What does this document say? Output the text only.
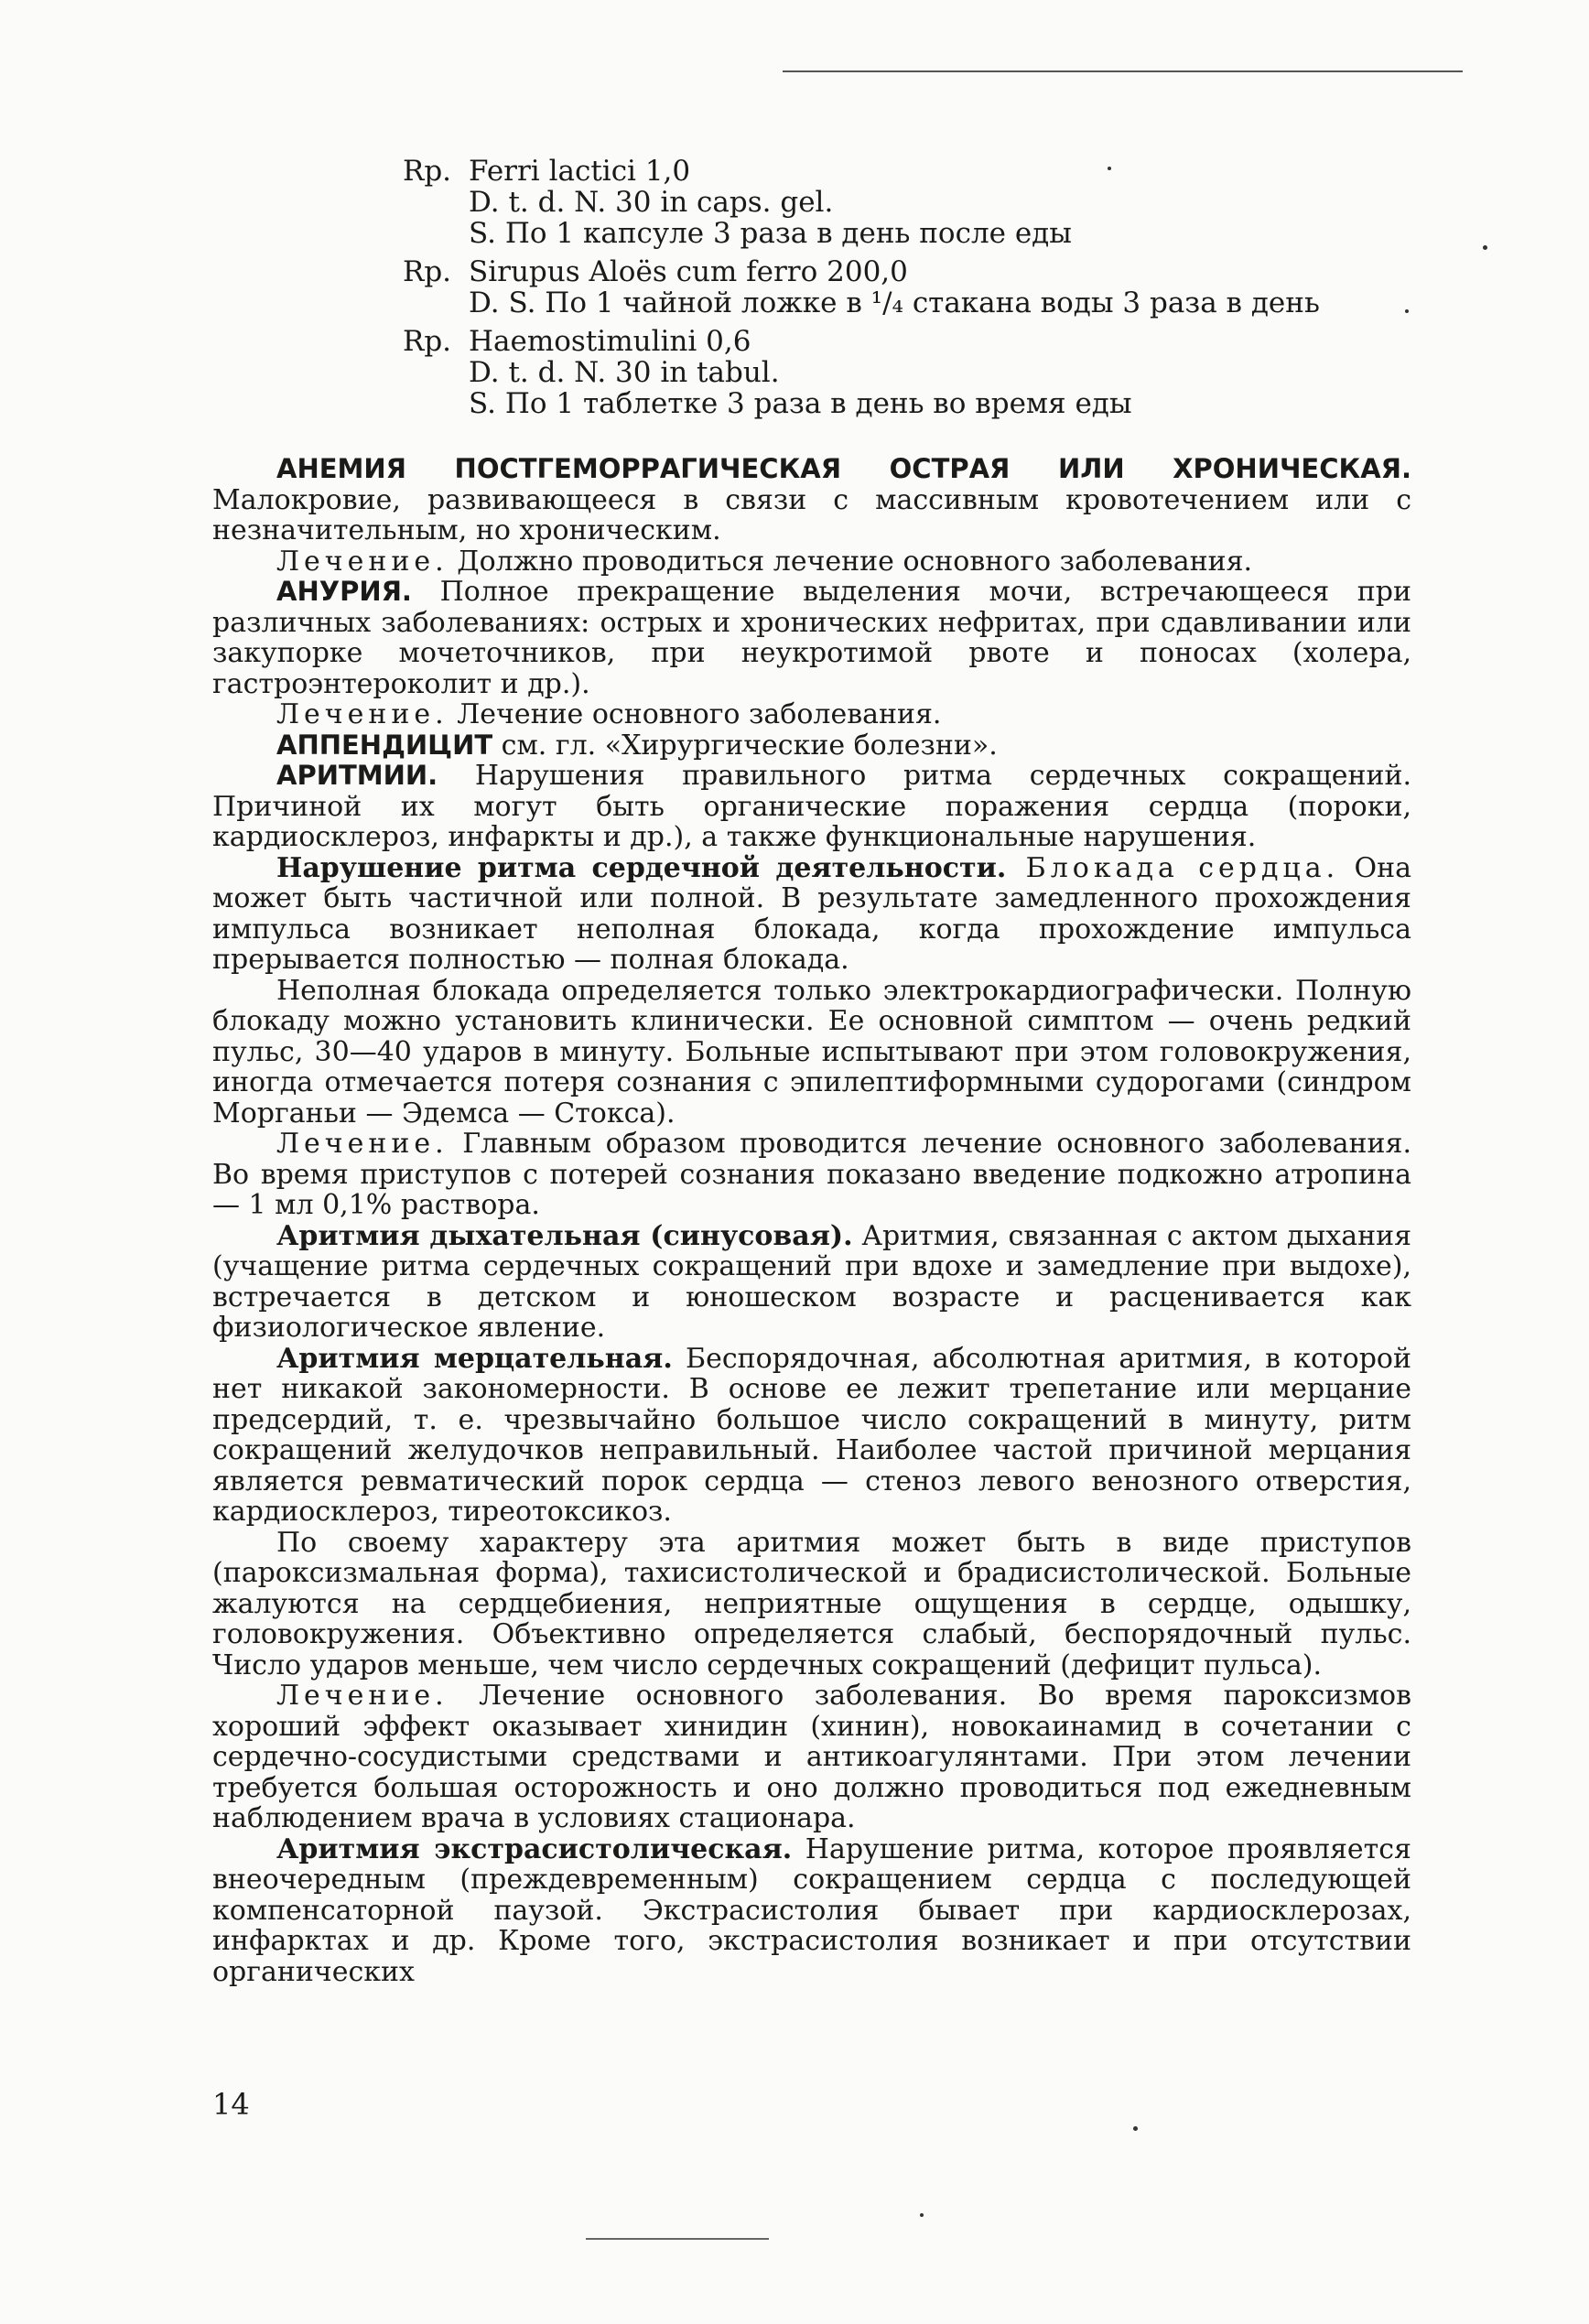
Rp. Ferri lactici 1,0
D. t. d. N. 30 in caps. gel.
S. По 1 капсуле 3 раза в день после еды
Rp. Sirupus Aloës cum ferro 200,0
D. S. По 1 чайной ложке в ¹/₄ стакана воды 3 раза в день
Rp. Haemostimulini 0,6
D. t. d. N. 30 in tabul.
S. По 1 таблетке 3 раза в день во время еды

АНЕМИЯ ПОСТГЕМОРРАГИЧЕСКАЯ ОСТРАЯ ИЛИ ХРОНИЧЕСКАЯ. Малокровие, развивающееся в связи с массивным кровотечением или с незначительным, но хроническим.

Лечение. Должно проводиться лечение основного заболевания.

АНУРИЯ. Полное прекращение выделения мочи, встречающееся при различных заболеваниях: острых и хронических нефритах, при сдавливании или закупорке мочеточников, при неукротимой рвоте и поносах (холера, гастроэнтероколит и др.).

Лечение. Лечение основного заболевания.

АППЕНДИЦИТ см. гл. «Хирургические болезни».

АРИТМИИ. Нарушения правильного ритма сердечных сокращений. Причиной их могут быть органические поражения сердца (пороки, кардиосклероз, инфаркты и др.), а также функциональные нарушения.

Нарушение ритма сердечной деятельности. Блокада сердца. Она может быть частичной или полной. В результате замедленного прохождения импульса возникает неполная блокада, когда прохождение импульса прерывается полностью — полная блокада.

Неполная блокада определяется только электрокардиографически. Полную блокаду можно установить клинически. Ее основной симптом — очень редкий пульс, 30—40 ударов в минуту. Больные испытывают при этом головокружения, иногда отмечается потеря сознания с эпилептиформными судорогами (синдром Морганьи — Эдемса — Стокса).

Лечение. Главным образом проводится лечение основного заболевания. Во время приступов с потерей сознания показано введение подкожно атропина — 1 мл 0,1% раствора.

Аритмия дыхательная (синусовая). Аритмия, связанная с актом дыхания (учащение ритма сердечных сокращений при вдохе и замедление при выдохе), встречается в детском и юношеском возрасте и расценивается как физиологическое явление.

Аритмия мерцательная. Беспорядочная, абсолютная аритмия, в которой нет никакой закономерности. В основе ее лежит трепетание или мерцание предсердий, т. е. чрезвычайно большое число сокращений в минуту, ритм сокращений желудочков неправильный. Наиболее частой причиной мерцания является ревматический порок сердца — стеноз левого венозного отверстия, кардиосклероз, тиреотоксикоз.

По своему характеру эта аритмия может быть в виде приступов (пароксизмальная форма), тахисистолической и брадисистолической. Больные жалуются на сердцебиения, неприятные ощущения в сердце, одышку, головокружения. Объективно определяется слабый, беспорядочный пульс. Число ударов меньше, чем число сердечных сокращений (дефицит пульса).

Лечение. Лечение основного заболевания. Во время пароксизмов хороший эффект оказывает хинидин (хинин), новокаинамид в сочетании с сердечно-сосудистыми средствами и антикоагулянтами. При этом лечении требуется большая осторожность и оно должно проводиться под ежедневным наблюдением врача в условиях стационара.

Аритмия экстрасистолическая. Нарушение ритма, которое проявляется внеочередным (преждевременным) сокращением сердца с последующей компенсаторной паузой. Экстрасистолия бывает при кардиосклерозах, инфарктах и др. Кроме того, экстрасистолия возникает и при отсутствии органических

14
